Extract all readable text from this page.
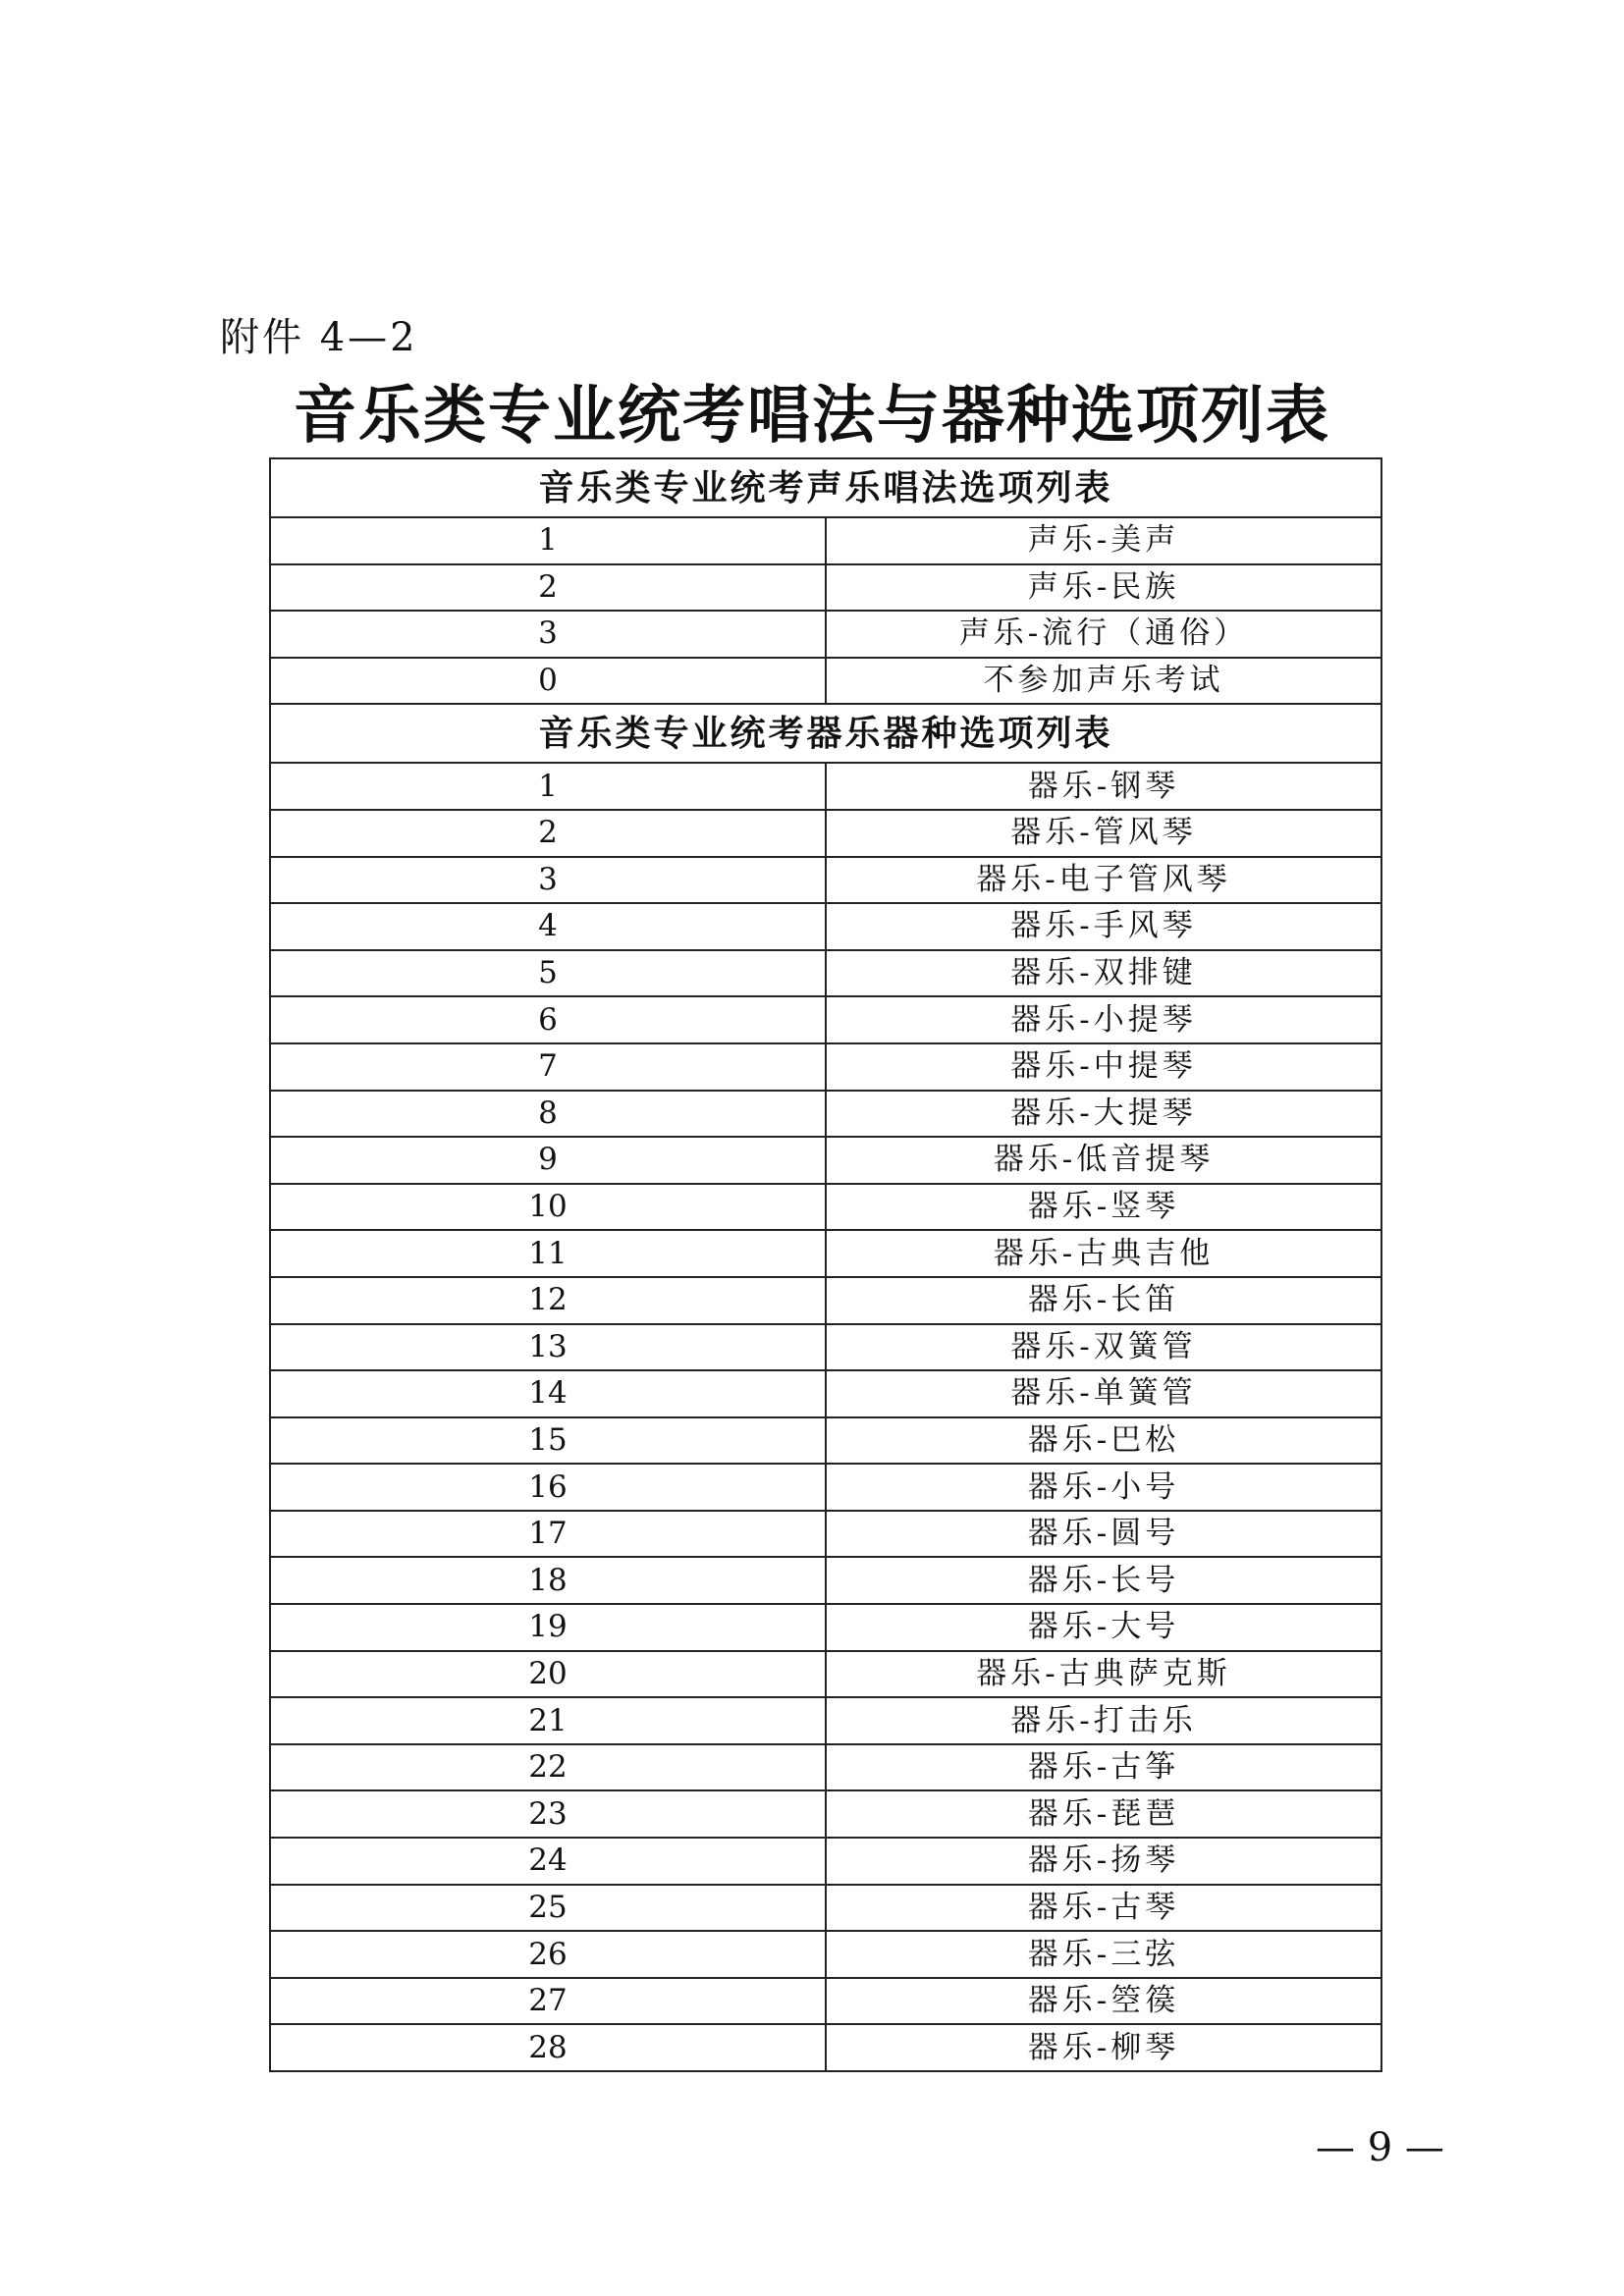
附件 4—2
音乐类专业统考唱法与器种选项列表
音乐类专业统考声乐唱法选项列表	
1	声乐-美声
2	声乐-民族
3	声乐-流行（通俗）
0	不参加声乐考试
音乐类专业统考器乐器种选项列表	
1	器乐-钢琴
2	器乐-管风琴
3	器乐-电子管风琴
4	器乐-手风琴
5	器乐-双排键
6	器乐-小提琴
7	器乐-中提琴
8	器乐-大提琴
9	器乐-低音提琴
10	器乐-竖琴
11	器乐-古典吉他
12	器乐-长笛
13	器乐-双簧管
14	器乐-单簧管
15	器乐-巴松
16	器乐-小号
17	器乐-圆号
18	器乐-长号
19	器乐-大号
20	器乐-古典萨克斯
21	器乐-打击乐
22	器乐-古筝
23	器乐-琵琶
24	器乐-扬琴
25	器乐-古琴
26	器乐-三弦
27	器乐-箜篌
28	器乐-柳琴
— 9 —
